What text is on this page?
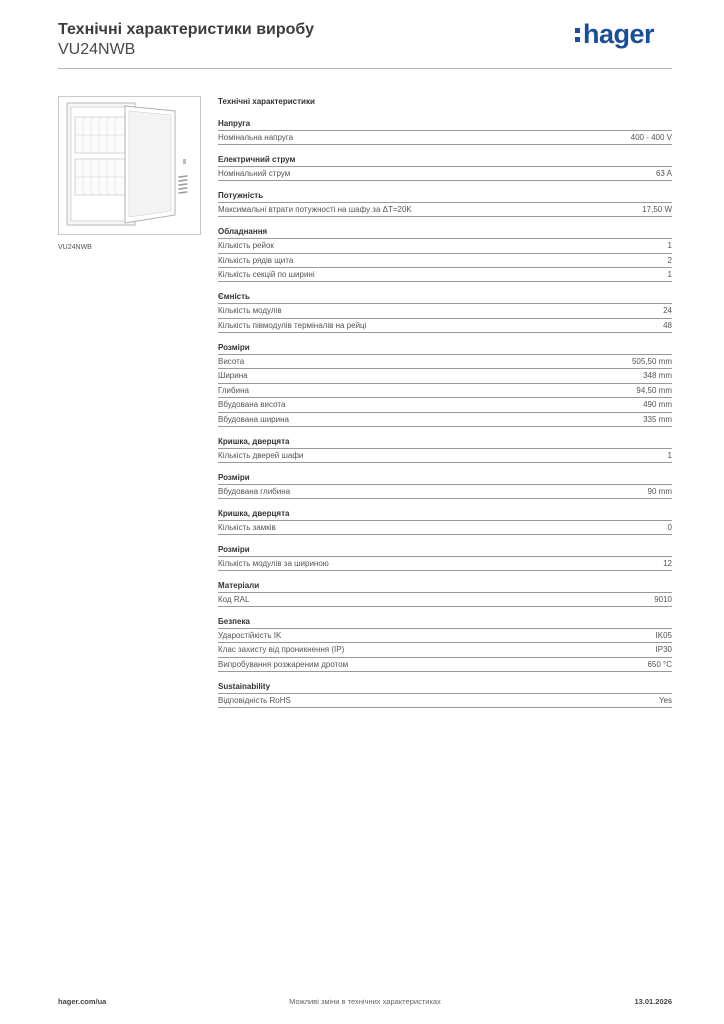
Технічні характеристики виробу
VU24NWB
hager
VU24NWB
Технічні характеристики
Напруга
Номінальна напруга	400 - 400 V
Електричний струм
Номінальний струм	63 A
Потужність
Максимальні втрати потужності на шафу за ΔT=20K	17,50 W
Обладнання
Кількість рейок	1
Кількість рядів щита	2
Кількість секцій по ширині	1
Ємність
Кількість модулів	24
Кількість півмодулів терміналів на рейці	48
Розміри
Висота	505,50 mm
Ширина	348 mm
Глибина	94,50 mm
Вбудована висота	490 mm
Вбудована ширина	335 mm
Кришка, дверцята
Кількість дверей шафи	1
Розміри
Вбудована глибина	90 mm
Кришка, дверцята
Кількість замків	0
Розміри
Кількість модулів за шириною	12
Матеріали
Код RAL	9010
Безпека
Ударостійкість IK	IK05
Клас захисту від проникнення (IP)	IP30
Випробування розжареним дротом	650 °C
Sustainability
Відповідність RoHS	Yes
hager.com/ua	Можливі зміни в технічних характеристиках	13.01.2026
